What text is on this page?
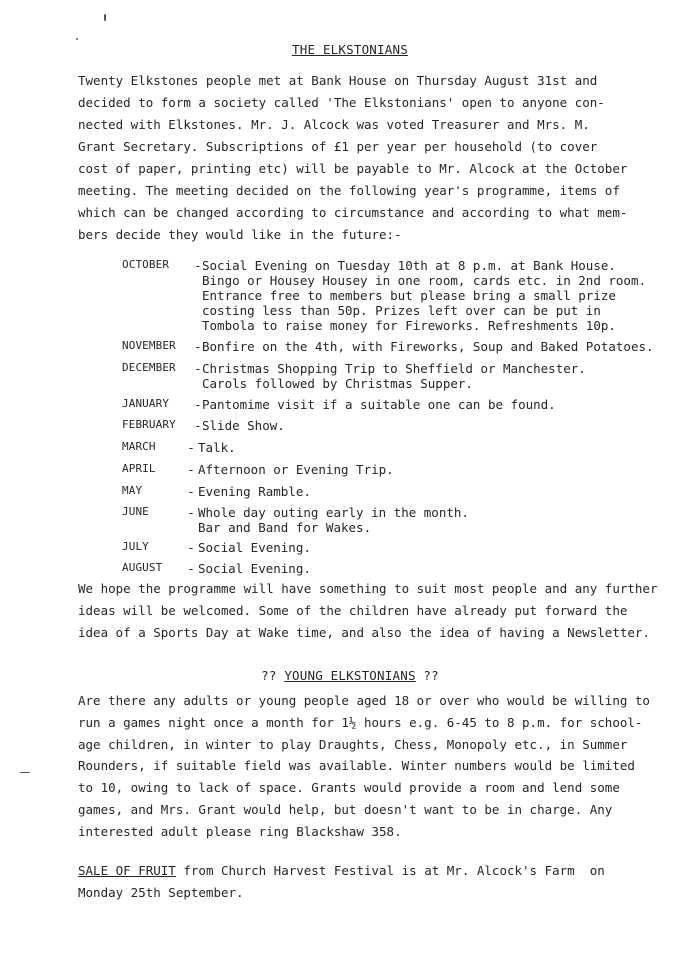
THE ELKSTONIANS
Twenty Elkstones people met at Bank House on Thursday August 31st and
decided to form a society called 'The Elkstonians' open to anyone con-
nected with Elkstones. Mr. J. Alcock was voted Treasurer and Mrs. M.
Grant Secretary. Subscriptions of £1 per year per household (to cover
cost of paper, printing etc) will be payable to Mr. Alcock at the October
meeting. The meeting decided on the following year's programme, items of
which can be changed according to circumstance and according to what mem-
bers decide they would like in the future:-
OCTOBER	- Social Evening on Tuesday 10th at 8 p.m. at Bank House.
Bingo or Housey Housey in one room, cards etc. in 2nd room.
Entrance free to members but please bring a small prize
costing less than 50p. Prizes left over can be put in
Tombola to raise money for Fireworks. Refreshments 10p.
NOVEMBER	- Bonfire on the 4th, with Fireworks, Soup and Baked Potatoes.
DECEMBER	- Christmas Shopping Trip to Sheffield or Manchester.
Carols followed by Christmas Supper.
JANUARY	- Pantomime visit if a suitable one can be found.
FEBRUARY	- Slide Show.
MARCH	- Talk.
APRIL	- Afternoon or Evening Trip.
MAY	- Evening Ramble.
JUNE	- Whole day outing early in the month.
Bar and Band for Wakes.
JULY	- Social Evening.
AUGUST	- Social Evening.
We hope the programme will have something to suit most people and any further
ideas will be welcomed. Some of the children have already put forward the
idea of a Sports Day at Wake time, and also the idea of having a Newsletter.
?? YOUNG ELKSTONIANS ??
Are there any adults or young people aged 18 or over who would be willing to
run a games night once a month for 1½ hours e.g. 6-45 to 8 p.m. for school-
age children, in winter to play Draughts, Chess, Monopoly etc., in Summer
Rounders, if suitable field was available. Winter numbers would be limited
to 10, owing to lack of space. Grants would provide a room and lend some
games, and Mrs. Grant would help, but doesn't want to be in charge. Any
interested adult please ring Blackshaw 358.
SALE OF FRUIT from Church Harvest Festival is at Mr. Alcock's Farm  on
Monday 25th September.
